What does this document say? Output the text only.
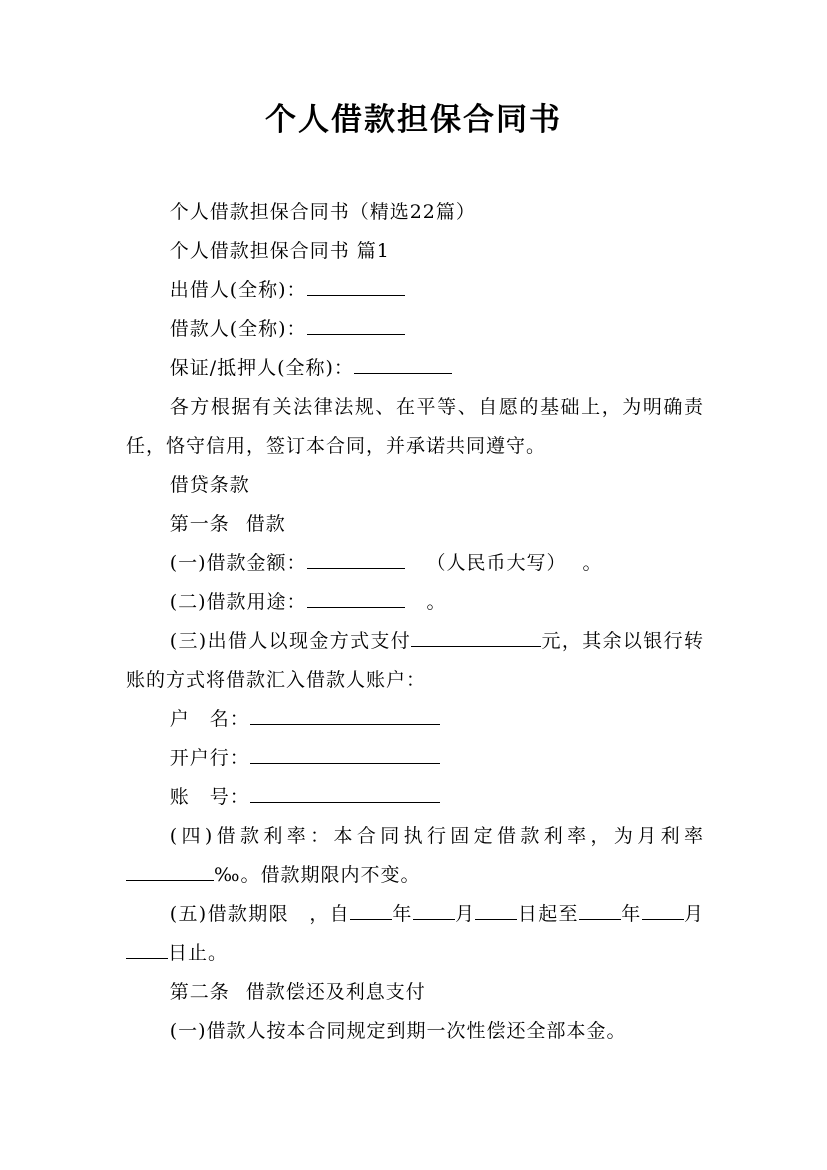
个人借款担保合同书

个人借款担保合同书（精选22篇）

个人借款担保合同书 篇1

出借人(全称)：

借款人(全称)：

保证/抵押人(全称)：

各方根据有关法律法规、在平等、自愿的基础上，为明确责任，恪守信用，签订本合同，并承诺共同遵守。

借贷条款

第一条 借款

(一)借款金额：	（人民币大写） 。

(二)借款用途：	。

(三)出借人以现金方式支付	元，其余以银行转账的方式将借款汇入借款人账户：

户　名：

开户行：

账　号：

(四)借款利率：本合同执行固定借款利率，为月利率‰。借款期限内不变。

(五)借款期限　，自 年 月 日起至 年 月日止。

第二条 借款偿还及利息支付

(一)借款人按本合同规定到期一次性偿还全部本金。
